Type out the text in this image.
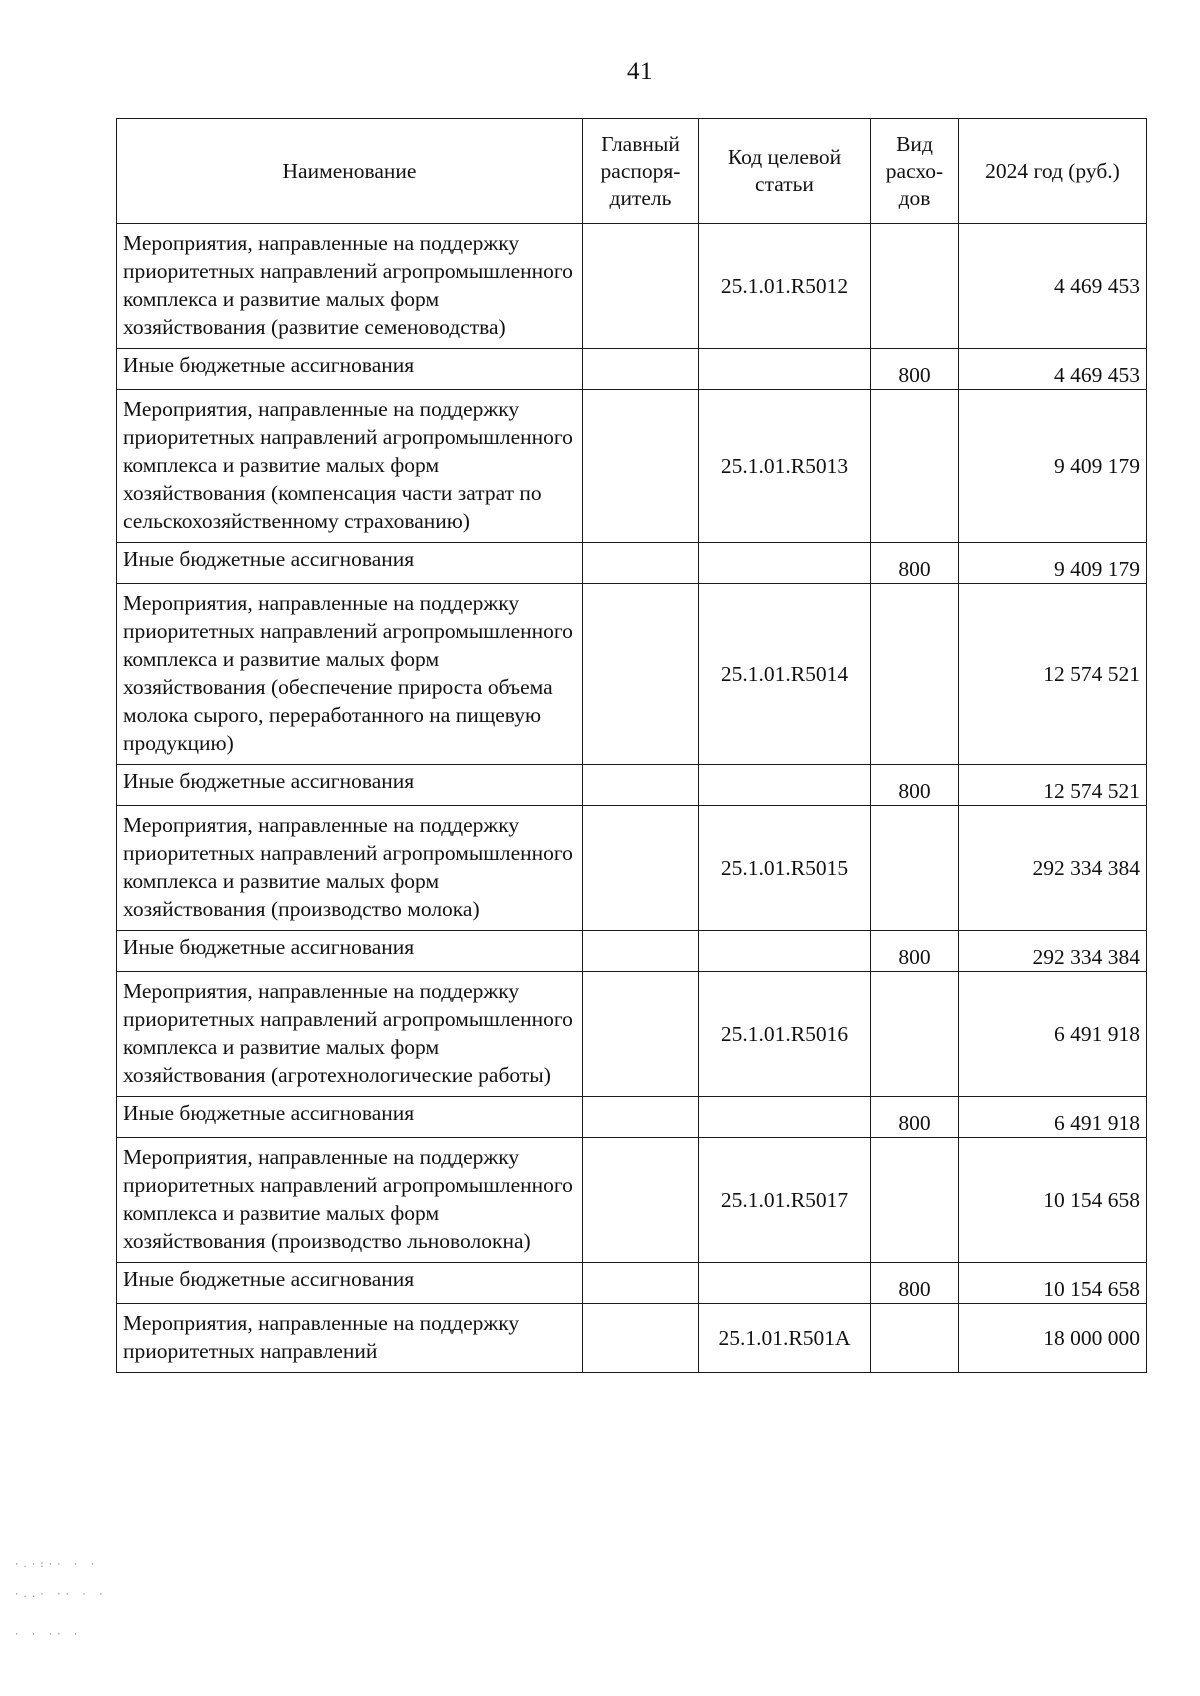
41
Наименование	Главный распоря-дитель	Код целевой статьи	Вид расхо-дов	2024 год (руб.)
Мероприятия, направленные на поддержку приоритетных направлений агропромышленного комплекса и развитие малых форм хозяйствования (развитие семеноводства)		25.1.01.R5012		4 469 453
Иные бюджетные ассигнования			800	4 469 453
Мероприятия, направленные на поддержку приоритетных направлений агропромышленного комплекса и развитие малых форм хозяйствования (компенсация части затрат по сельскохозяйственному страхованию)		25.1.01.R5013		9 409 179
Иные бюджетные ассигнования			800	9 409 179
Мероприятия, направленные на поддержку приоритетных направлений агропромышленного комплекса и развитие малых форм хозяйствования (обеспечение прироста объема молока сырого, переработанного на пищевую продукцию)		25.1.01.R5014		12 574 521
Иные бюджетные ассигнования			800	12 574 521
Мероприятия, направленные на поддержку приоритетных направлений агропромышленного комплекса и развитие малых форм хозяйствования (производство молока)		25.1.01.R5015		292 334 384
Иные бюджетные ассигнования			800	292 334 384
Мероприятия, направленные на поддержку приоритетных направлений агропромышленного комплекса и развитие малых форм хозяйствования (агротехнологические работы)		25.1.01.R5016		6 491 918
Иные бюджетные ассигнования			800	6 491 918
Мероприятия, направленные на поддержку приоритетных направлений агропромышленного комплекса и развитие малых форм хозяйствования (производство льноволокна)		25.1.01.R5017		10 154 658
Иные бюджетные ассигнования			800	10 154 658
Мероприятия, направленные на поддержку приоритетных направлений		25.1.01.R501А		18 000 000
·.·:·· · ·
·..· ·· · ·
· · ·· ·
